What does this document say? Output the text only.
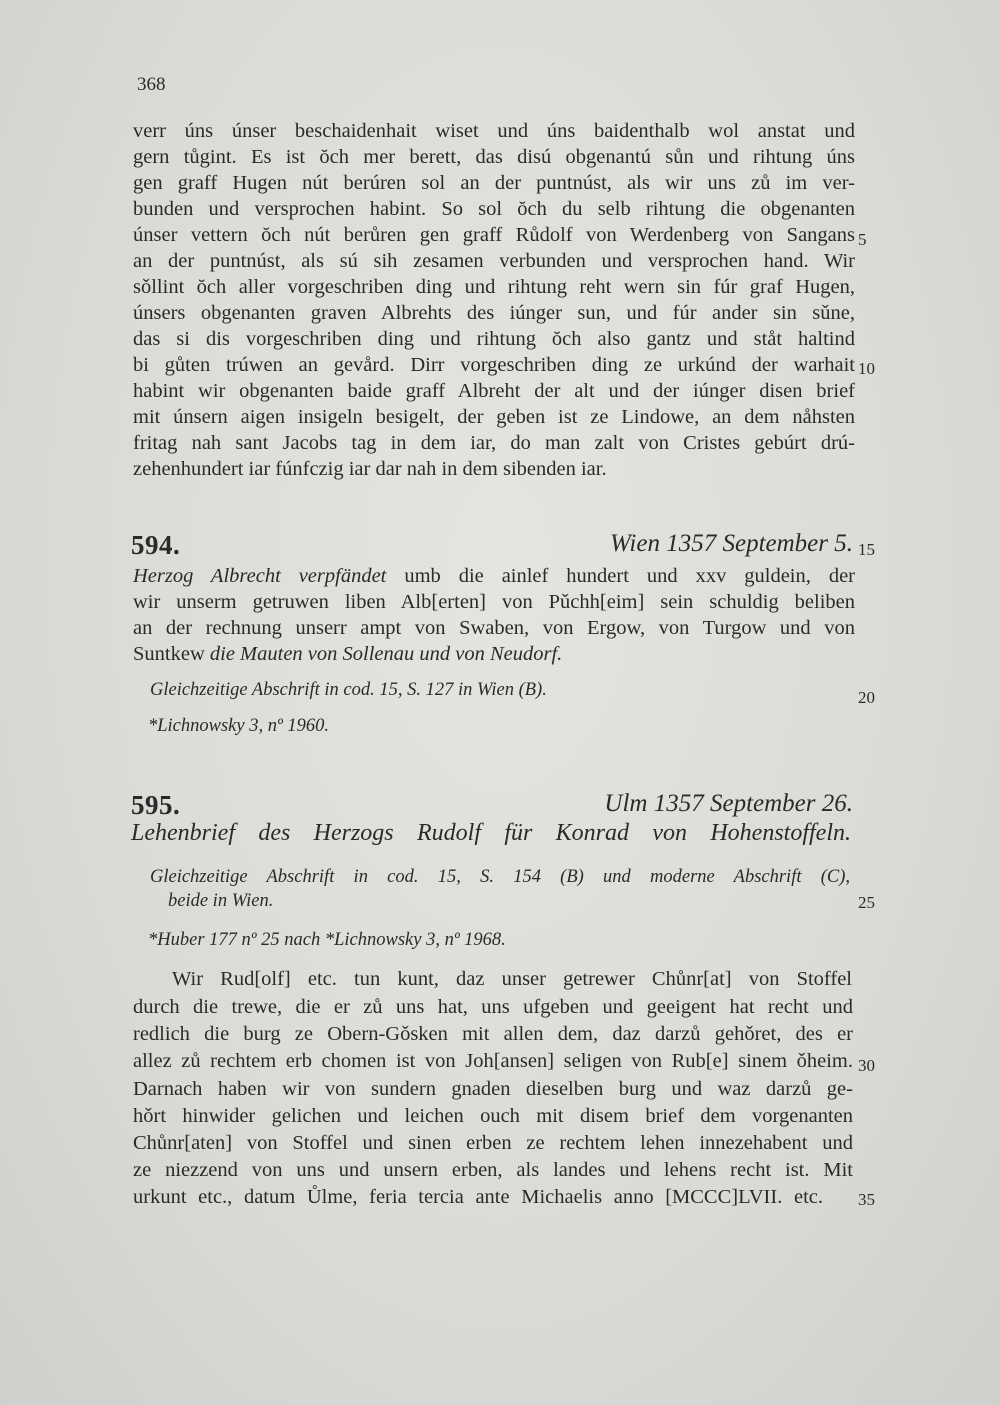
368
verr úns únser beschaidenhait wiset und úns baidenthalb wol anstat und
gern tůgint. Es ist ŏch mer berett, das disú obgenantú sůn und rihtung úns
gen graff Hugen nút berúren sol an der puntnúst, als wir uns zů im ver-
bunden und versprochen habint. So sol ŏch du selb rihtung die obgenanten
únser vettern ŏch nút berůren gen graff Růdolf von Werdenberg von Sangans
an der puntnúst, als sú sih zesamen verbunden und versprochen hand. Wir
sǒllint ŏch aller vorgeschriben ding und rihtung reht wern sin fúr graf Hugen,
únsers obgenanten graven Albrehts des iúnger sun, und fúr ander sin sǔne,
das si dis vorgeschriben ding und rihtung ŏch also gantz und ståt haltind
bi gůten trúwen an gevård. Dirr vorgeschriben ding ze urkúnd der warhait
habint wir obgenanten baide graff Albreht der alt und der iúnger disen brief
mit únsern aigen insigeln besigelt, der geben ist ze Lindowe, an dem nåhsten
fritag nah sant Jacobs tag in dem iar, do man zalt von Cristes gebúrt drú-
zehenhundert iar fúnfczig iar dar nah in dem sibenden iar.
5
10
594.	Wien 1357 September 5. 15
Herzog Albrecht verpfändet umb die ainlef hundert und xxv guldein, der
wir unserm getruwen liben Alb[erten] von Pǔchh[eim] sein schuldig beliben
an der rechnung unserr ampt von Swaben, von Ergow, von Turgow und von
Suntkew die Mauten von Sollenau und von Neudorf.
Gleichzeitige Abschrift in cod. 15, S. 127 in Wien (B).	20
*Lichnowsky 3, nº 1960.
595.	Ulm 1357 September 26.
Lehenbrief des Herzogs Rudolf für Konrad von Hohenstoffeln.
Gleichzeitige Abschrift in cod. 15, S. 154 (B) und moderne Abschrift (C),
beide in Wien.	25
*Huber 177 nº 25 nach *Lichnowsky 3, nº 1968.
Wir Rud[olf] etc. tun kunt, daz unser getrewer Chůnr[at] von Stoffel
durch die trewe, die er zů uns hat, uns ufgeben und geeigent hat recht und
redlich die burg ze Obern-Gǒsken mit allen dem, daz darzů gehǒret, des er
allez zů rechtem erb chomen ist von Joh[ansen] seligen von Rub[e] sinem ǒheim.
Darnach haben wir von sundern gnaden dieselben burg und waz darzů ge-
hǒrt hinwider gelichen und leichen ouch mit disem brief dem vorgenanten
Chůnr[aten] von Stoffel und sinen erben ze rechtem lehen innezehabent und
ze niezzend von uns und unsern erben, als landes und lehens recht ist. Mit
urkunt etc., datum Ůlme, feria tercia ante Michaelis anno [MCCC]LVII. etc.
30
35
